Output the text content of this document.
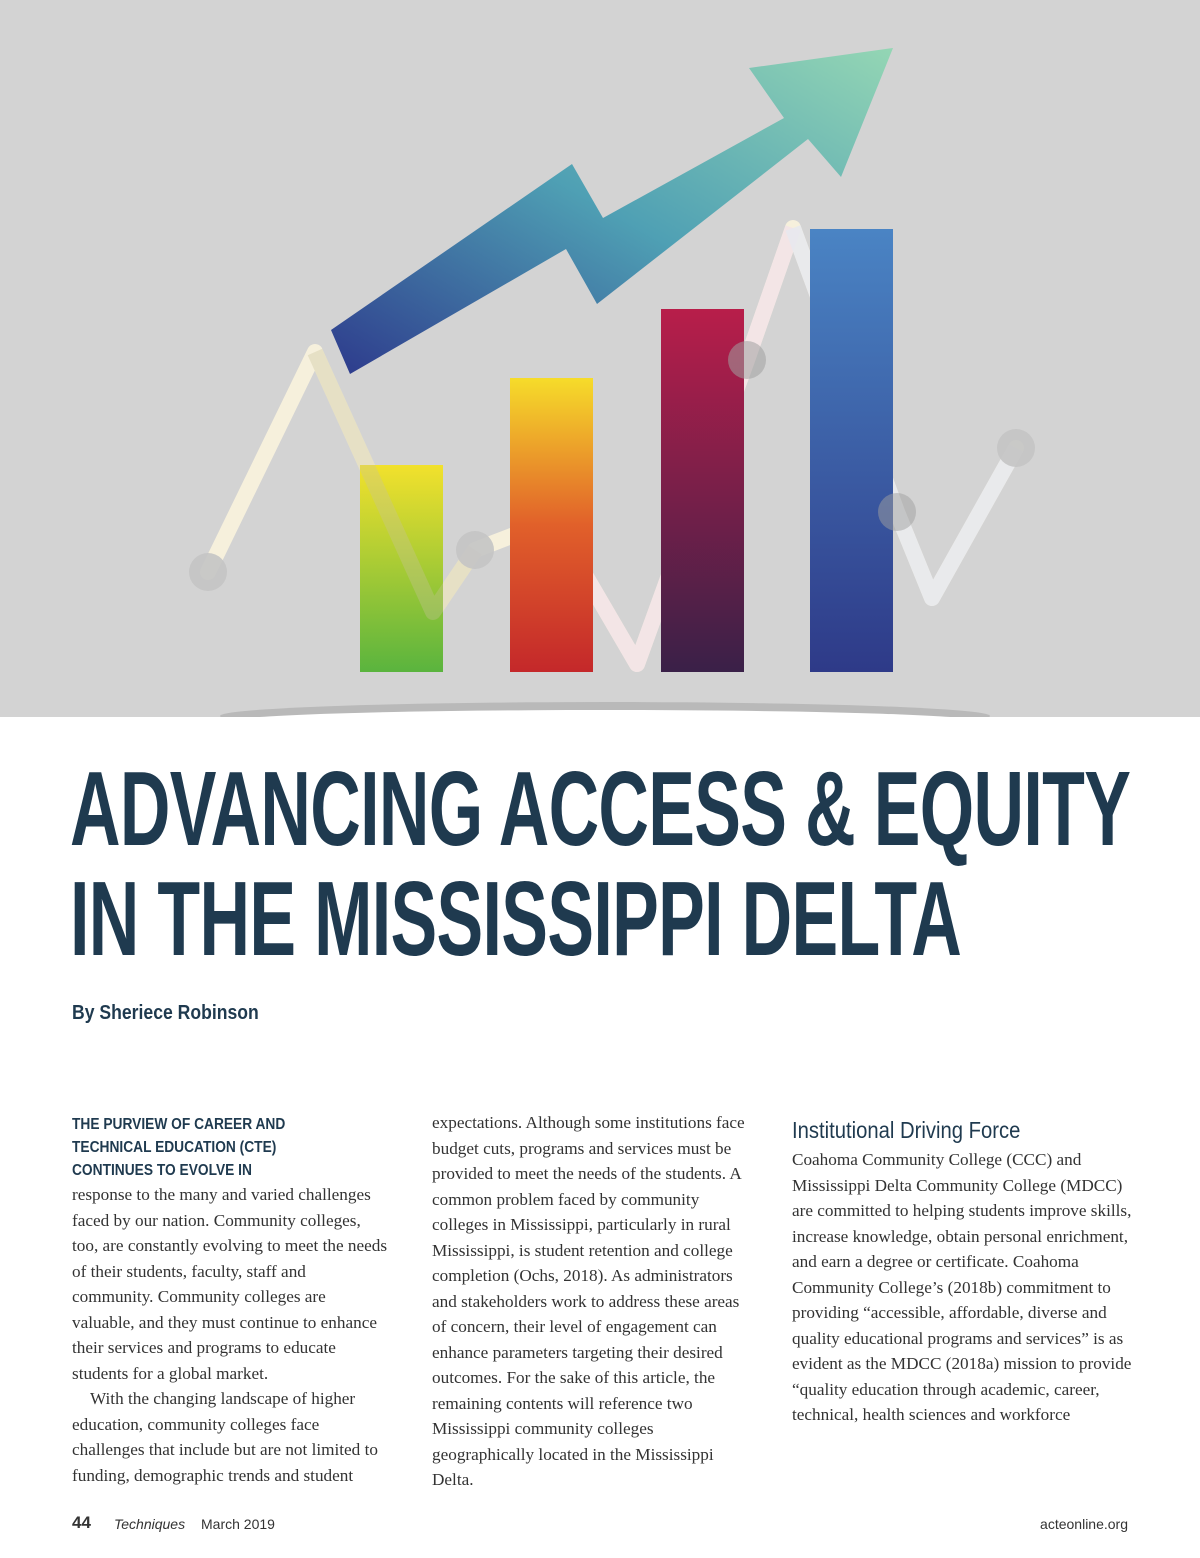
ADVANCING ACCESS & EQUITY
IN THE MISSISSIPPI DELTA
By Sheriece Robinson
THE PURVIEW OF CAREER AND TECHNICAL EDUCATION (CTE) CONTINUES TO EVOLVE IN

response to the many and varied challenges faced by our nation. Community colleges, too, are constantly evolving to meet the needs of their students, faculty, staff and community. Community colleges are valuable, and they must continue to enhance their services and programs to educate students for a global market.

With the changing landscape of higher education, community colleges face challenges that include but are not limited to funding, demographic trends and student

expectations. Although some institutions face budget cuts, programs and services must be provided to meet the needs of the students. A common problem faced by community colleges in Mississippi, particularly in rural Mississippi, is student retention and college completion (Ochs, 2018). As administrators and stakeholders work to address these areas of concern, their level of engagement can enhance parameters targeting their desired outcomes. For the sake of this article, the remaining contents will reference two Mississippi community colleges geographically located in the Mississippi Delta.

Institutional Driving Force

Coahoma Community College (CCC) and Mississippi Delta Community College (MDCC) are committed to helping students improve skills, increase knowledge, obtain personal enrichment, and earn a degree or certificate. Coahoma Community College’s (2018b) commitment to providing “accessible, affordable, diverse and quality educational programs and services” is as evident as the MDCC (2018a) mission to provide “quality education through academic, career, technical, health sciences and workforce

44 Techniques March 2019	acteonline.org
